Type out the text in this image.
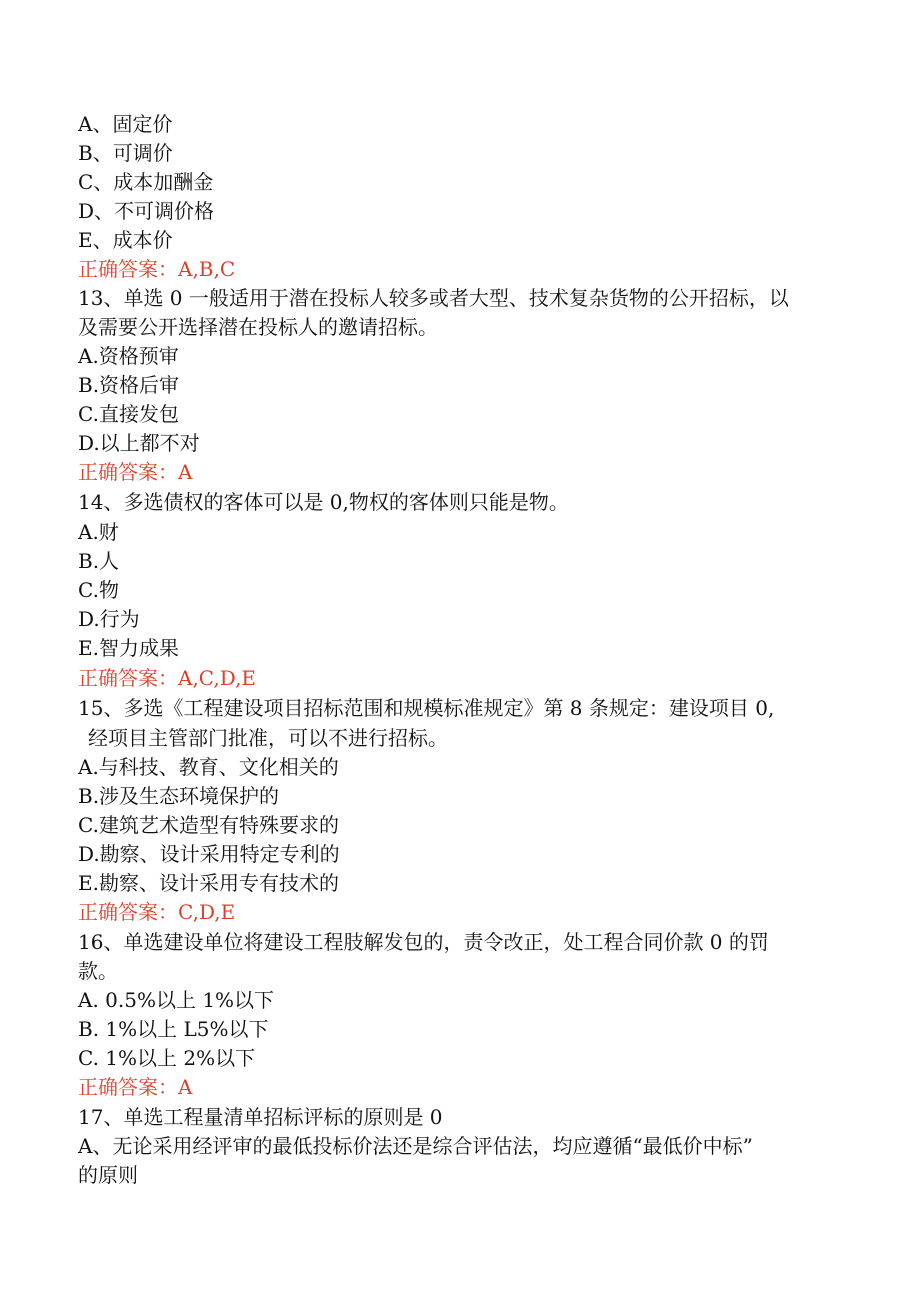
A、固定价
B、可调价
C、成本加酬金
D、不可调价格
E、成本价
正确答案：A,B,C
13、单选 0 一般适用于潜在投标人较多或者大型、技术复杂货物的公开招标，以
及需要公开选择潜在投标人的邀请招标。
A.资格预审
B.资格后审
C.直接发包
D.以上都不对
正确答案：A
14、多选债权的客体可以是 0,物权的客体则只能是物。
A.财
B.人
C.物
D.行为
E.智力成果
正确答案：A,C,D,E
15、多选《工程建设项目招标范围和规模标准规定》第 8 条规定：建设项目 0,
经项目主管部门批准，可以不进行招标。
A.与科技、教育、文化相关的
B.涉及生态环境保护的
C.建筑艺术造型有特殊要求的
D.勘察、设计采用特定专利的
E.勘察、设计采用专有技术的
正确答案：C,D,E
16、单选建设单位将建设工程肢解发包的，责令改正，处工程合同价款 0 的罚
款。
A. 0.5%以上 1%以下
B. 1%以上 L5%以下
C. 1%以上 2%以下
正确答案：A
17、单选工程量清单招标评标的原则是 0
A、无论采用经评审的最低投标价法还是综合评估法，均应遵循“最低价中标”
的原则
